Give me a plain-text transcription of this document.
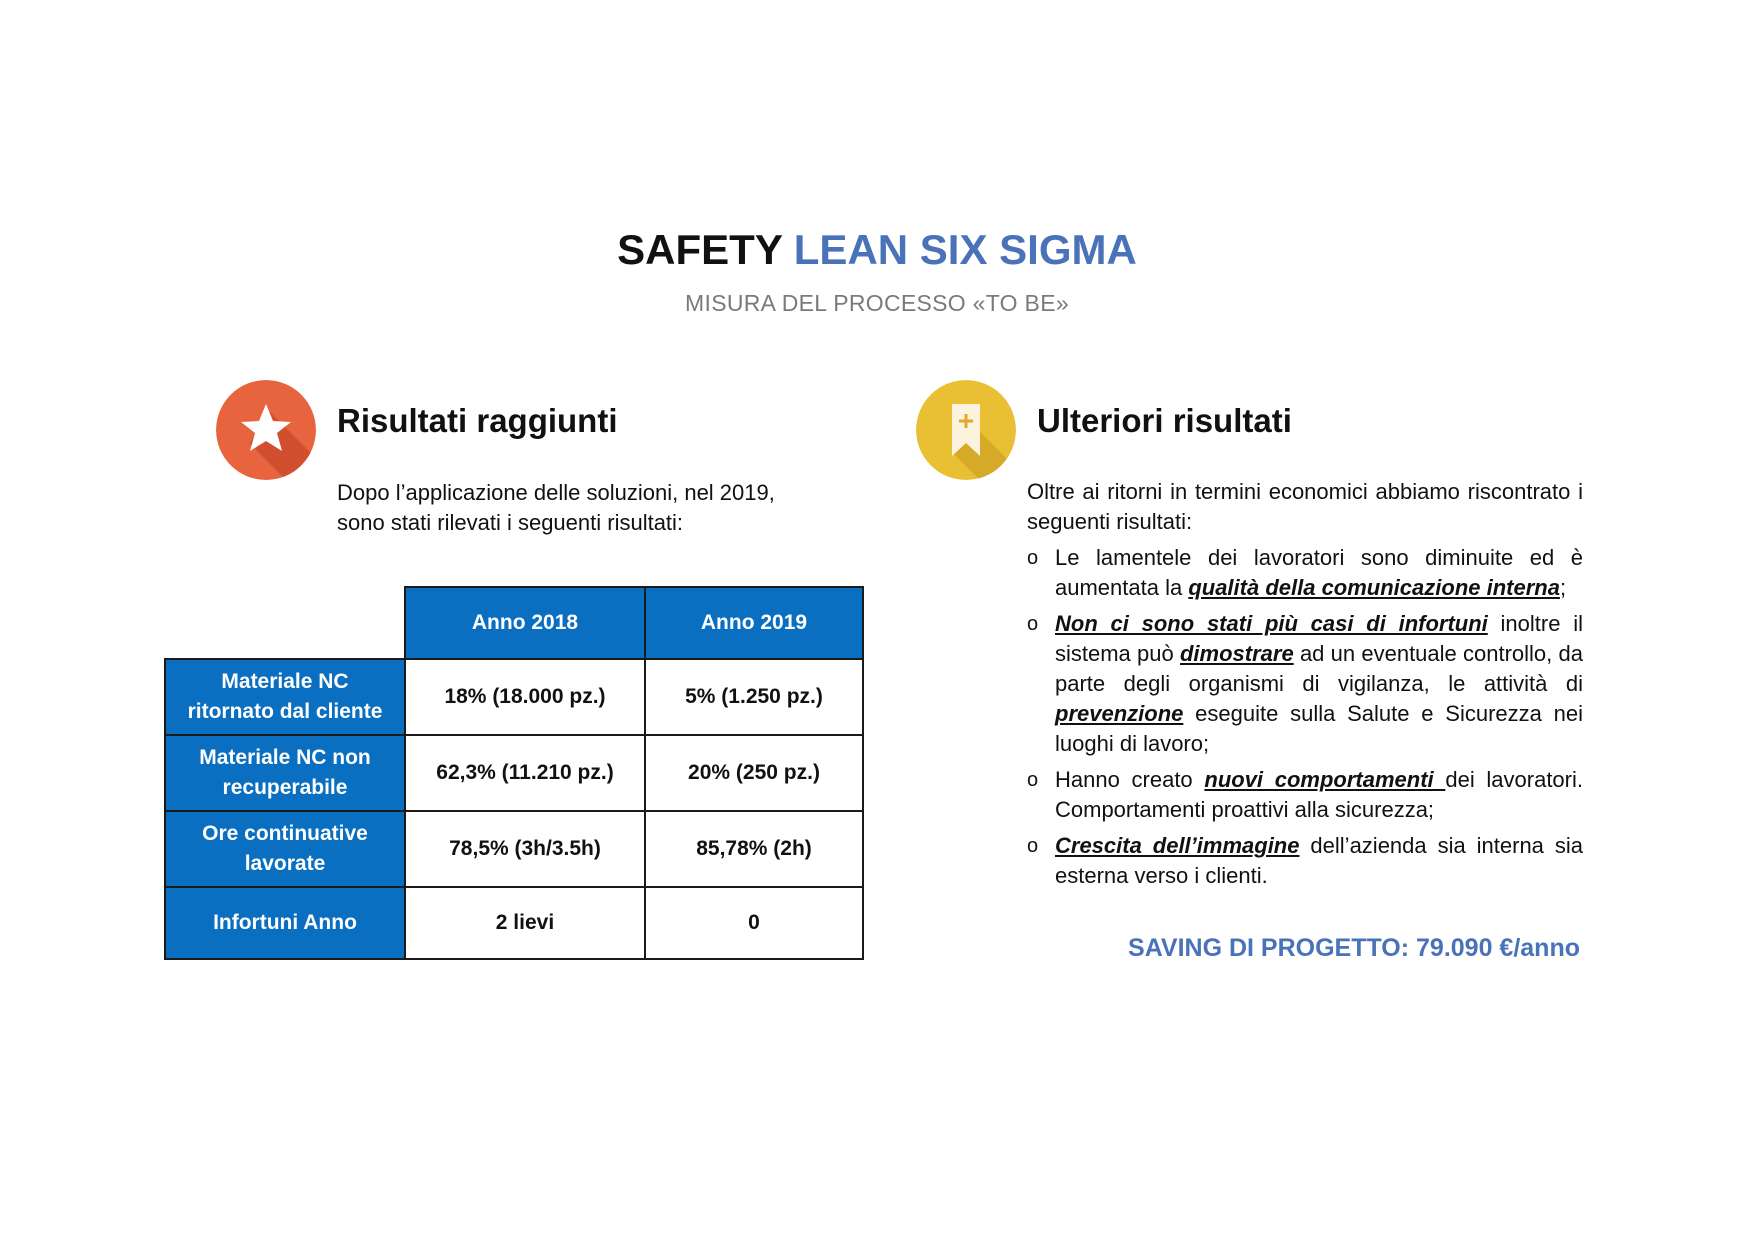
SAFETY LEAN SIX SIGMA
MISURA DEL PROCESSO «TO BE»
Risultati raggiunti
Dopo l’applicazione delle soluzioni, nel 2019,
sono stati rilevati i seguenti risultati:
	Anno 2018	Anno 2019

Materiale NC
ritornato dal cliente	18% (18.000 pz.)	5% (1.250 pz.)

Materiale NC non
recuperabile	62,3% (11.210 pz.)	20% (250 pz.)

Ore continuative
lavorate	78,5% (3h/3.5h)	85,78% (2h)

Infortuni Anno	2 lievi	0
Ulteriori risultati

Oltre ai ritorni in termini economici abbiamo riscontrato i seguenti risultati:

o Le lamentele dei lavoratori sono diminuite ed è aumentata la qualità della comunicazione interna;
o Non ci sono stati più casi di infortuni inoltre il sistema può dimostrare ad un eventuale controllo, da parte degli organismi di vigilanza, le attività di prevenzione eseguite sulla Salute e Sicurezza nei luoghi di lavoro;
o Hanno creato nuovi comportamenti dei lavoratori. Comportamenti proattivi alla sicurezza;
o Crescita dell’immagine dell’azienda sia interna sia esterna verso i clienti.
SAVING DI PROGETTO: 79.090 €/anno
